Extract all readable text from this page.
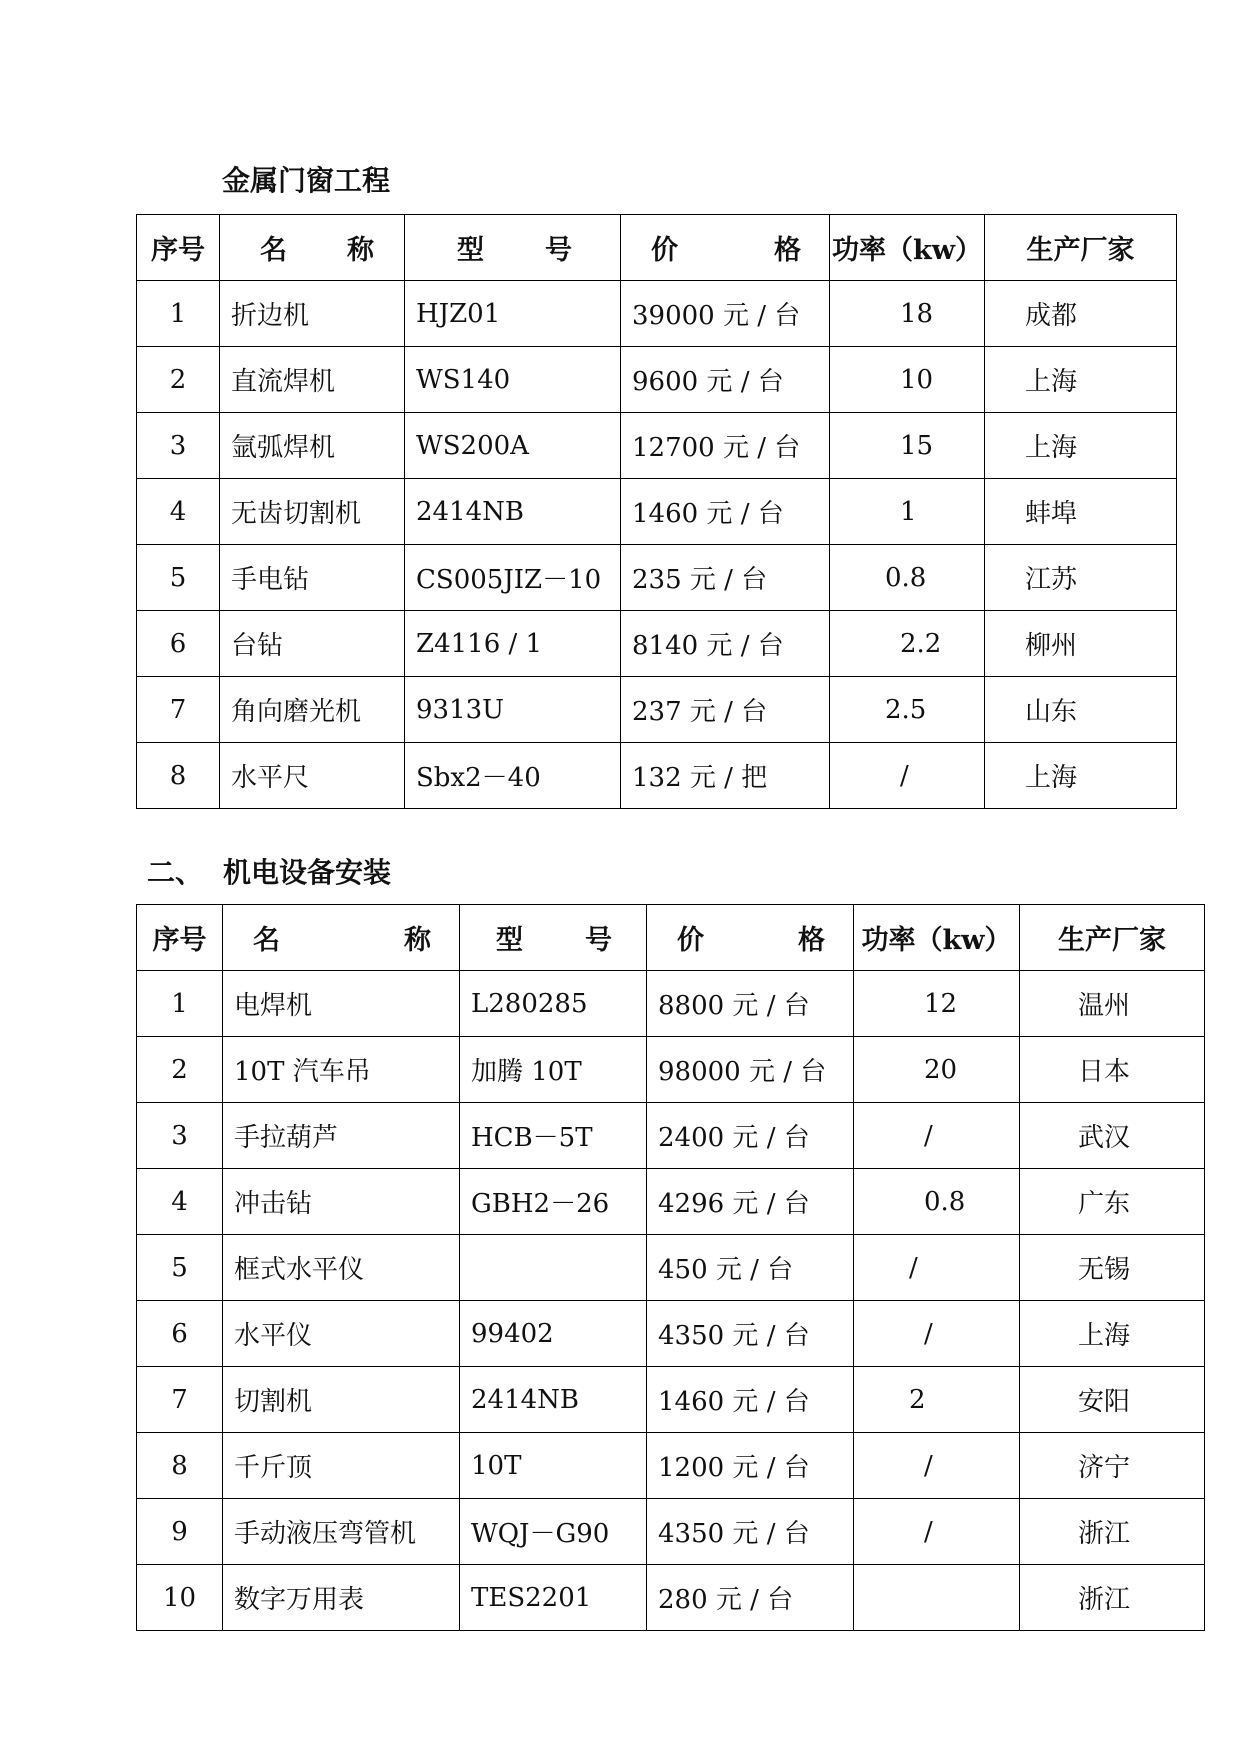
金属门窗工程
序号	名 称	型 号	价 格	功率（kw）	生产厂家
1	折边机	HJZ01	39000 元 / 台	18	成都
2	直流焊机	WS140	9600 元 / 台	10	上海
3	氩弧焊机	WS200A	12700 元 / 台	15	上海
4	无齿切割机	2414NB	1460 元 / 台	1	蚌埠
5	手电钻	CS005JIZ－10	235 元 / 台	0.8	江苏
6	台钻	Z4116 / 1	8140 元 / 台	2.2	柳州
7	角向磨光机	9313U	237 元 / 台	2.5	山东
8	水平尺	Sbx2－40	132 元 / 把	/	上海
二、 机电设备安装
序号	名 称	型 号	价 格	功率（kw）	生产厂家
1	电焊机	L280285	8800 元 / 台	12	温州
2	10T 汽车吊	加腾 10T	98000 元 / 台	20	日本
3	手拉葫芦	HCB－5T	2400 元 / 台	/	武汉
4	冲击钻	GBH2－26	4296 元 / 台	0.8	广东
5	框式水平仪		450 元 / 台	/	无锡
6	水平仪	99402	4350 元 / 台	/	上海
7	切割机	2414NB	1460 元 / 台	2	安阳
8	千斤顶	10T	1200 元 / 台	/	济宁
9	手动液压弯管机	WQJ－G90	4350 元 / 台	/	浙江
10	数字万用表	TES2201	280 元 / 台		浙江
